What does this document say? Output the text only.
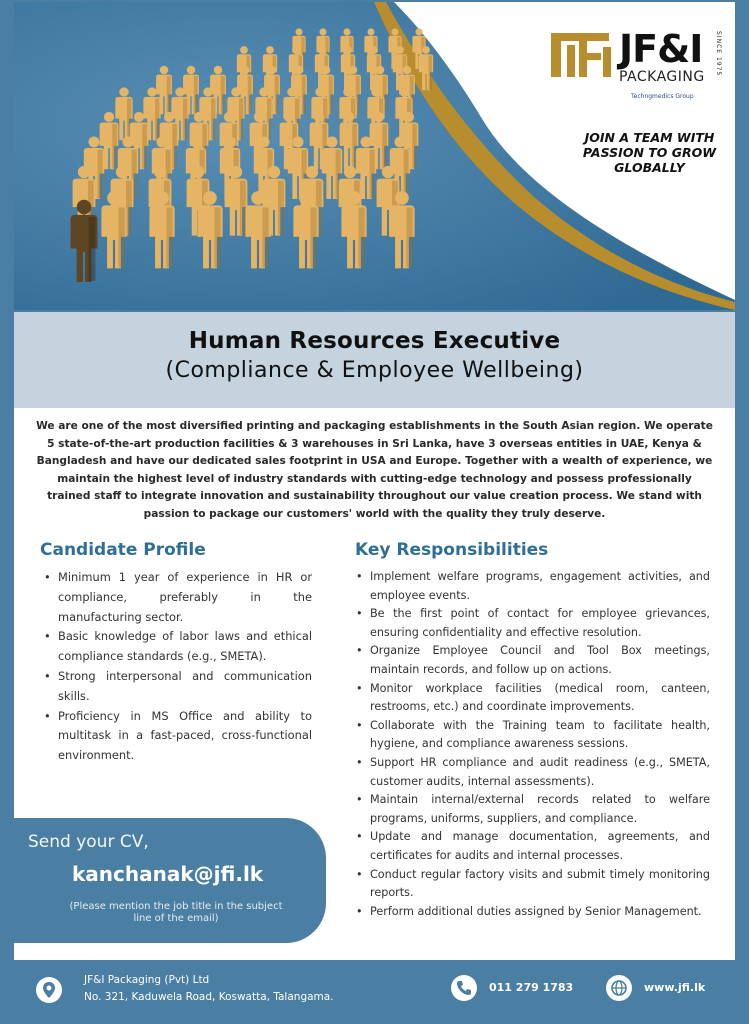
JF&I
PACKAGING
SINCE 1975
Techngmedics Group
JOIN A TEAM WITH
PASSION TO GROW
GLOBALLY
Human Resources Executive
(Compliance & Employee Wellbeing)

We are one of the most diversified printing and packaging establishments in the South Asian region. We operate 5 state-of-the-art production facilities & 3 warehouses in Sri Lanka, have 3 overseas entities in UAE, Kenya & Bangladesh and have our dedicated sales footprint in USA and Europe. Together with a wealth of experience, we maintain the highest level of industry standards with cutting-edge technology and possess professionally trained staff to integrate innovation and sustainability throughout our value creation process. We stand with passion to package our customers' world with the quality they truly deserve.

Candidate Profile
• Minimum 1 year of experience in HR or compliance, preferably in the manufacturing sector.
• Basic knowledge of labor laws and ethical compliance standards (e.g., SMETA).
• Strong interpersonal and communication skills.
• Proficiency in MS Office and ability to multitask in a fast-paced, cross-functional environment.
Key Responsibilities
• Implement welfare programs, engagement activities, and employee events.
• Be the first point of contact for employee grievances, ensuring confidentiality and effective resolution.
• Organize Employee Council and Tool Box meetings, maintain records, and follow up on actions.
• Monitor workplace facilities (medical room, canteen, restrooms, etc.) and coordinate improvements.
• Collaborate with the Training team to facilitate health, hygiene, and compliance awareness sessions.
• Support HR compliance and audit readiness (e.g., SMETA, customer audits, internal assessments).
• Maintain internal/external records related to welfare programs, uniforms, suppliers, and compliance.
• Update and manage documentation, agreements, and certificates for audits and internal processes.
• Conduct regular factory visits and submit timely monitoring reports.
• Perform additional duties assigned by Senior Management.
Send your CV,
kanchanak@jfi.lk
(Please mention the job title in the subject line of the email)
JF&I Packaging (Pvt) Ltd
No. 321, Kaduwela Road, Koswatta, Talangama.
011 279 1783	www.jfi.lk
